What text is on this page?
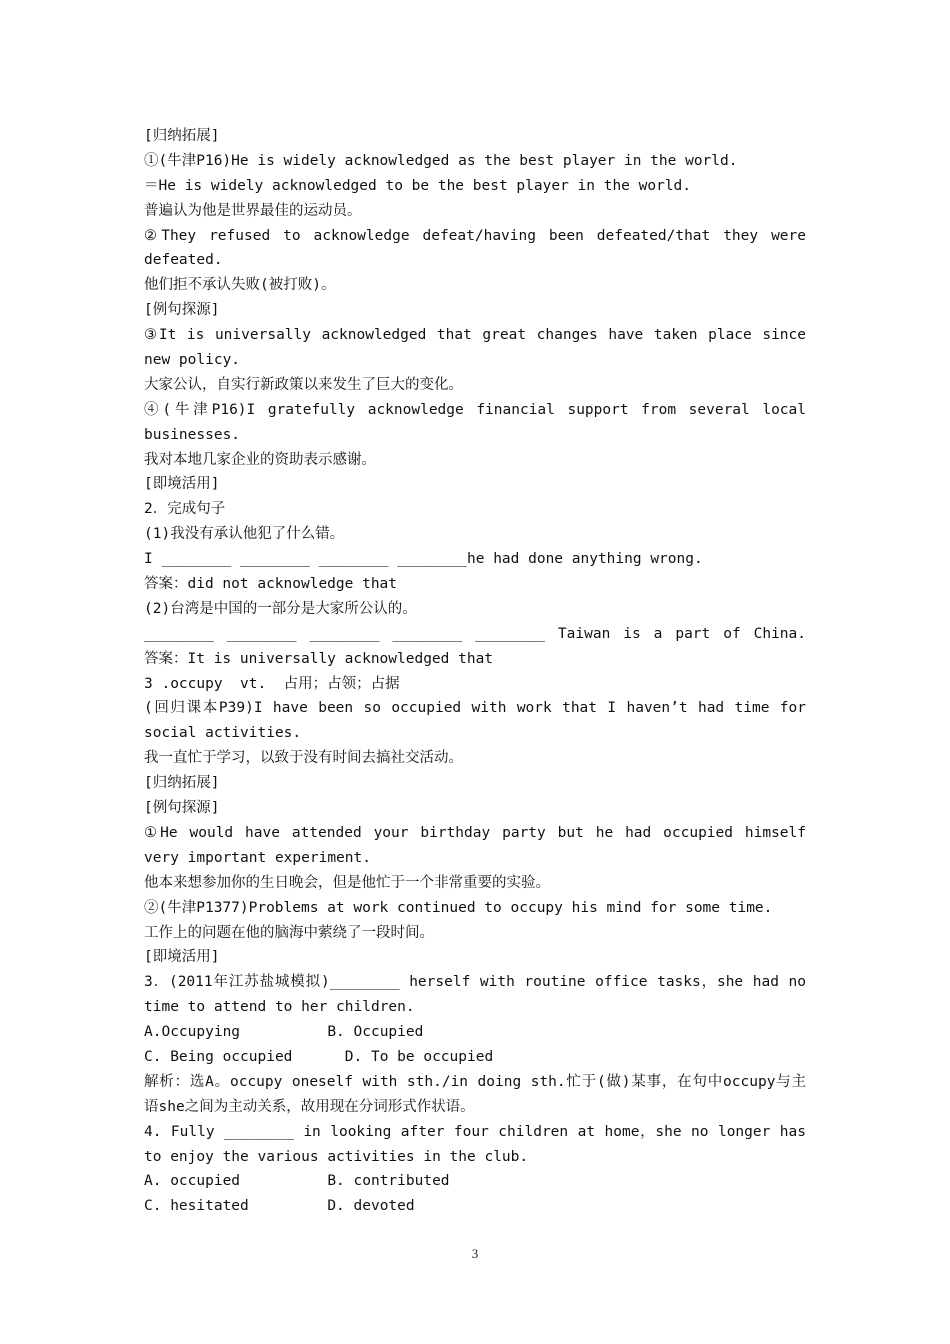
[归纳拓展]
①(牛津P16)He is widely acknowledged as the best player in the world.
＝He is widely acknowledged to be the best player in the world.
普遍认为他是世界最佳的运动员。
②They refused to acknowledge defeat/having been defeated/that they were
defeated.
他们拒不承认失败(被打败)。
[例句探源]
③It is universally acknowledged that great changes have taken place since
new policy.
大家公认，自实行新政策以来发生了巨大的变化。
④(牛津P16)I gratefully acknowledge financial support from several local
businesses.
我对本地几家企业的资助表示感谢。
[即境活用]
2．完成句子
(1)我没有承认他犯了什么错。
I ________ ________ ________ ________he had done anything wrong.
答案：did not acknowledge that
(2)台湾是中国的一部分是大家所公认的。
________ ________ ________ ________ ________ Taiwan is a part of China.
答案：It is universally acknowledged that
3 .occupy  vt.  占用；占领；占据
(回归课本P39)I have been so occupied with work that I haven’t had time for
social activities.
我一直忙于学习，以致于没有时间去搞社交活动。
[归纳拓展]
[例句探源]
①He would have attended your birthday party but he had occupied himself
very important experiment.
他本来想参加你的生日晚会，但是他忙于一个非常重要的实验。
②(牛津P1377)Problems at work continued to occupy his mind for some time.
工作上的问题在他的脑海中萦绕了一段时间。
[即境活用]
3．(2011年江苏盐城模拟)________ herself with routine office tasks，she had no
time to attend to her children.
A.Occupying          B. Occupied
C. Being occupied      D. To be occupied
解析：选A。occupy oneself with sth./in doing sth.忙于(做)某事，在句中occupy与主
语she之间为主动关系，故用现在分词形式作状语。
4. Fully ________ in looking after four children at home，she no longer has
to enjoy the various activities in the club.
A. occupied          B. contributed
C. hesitated         D. devoted
3
